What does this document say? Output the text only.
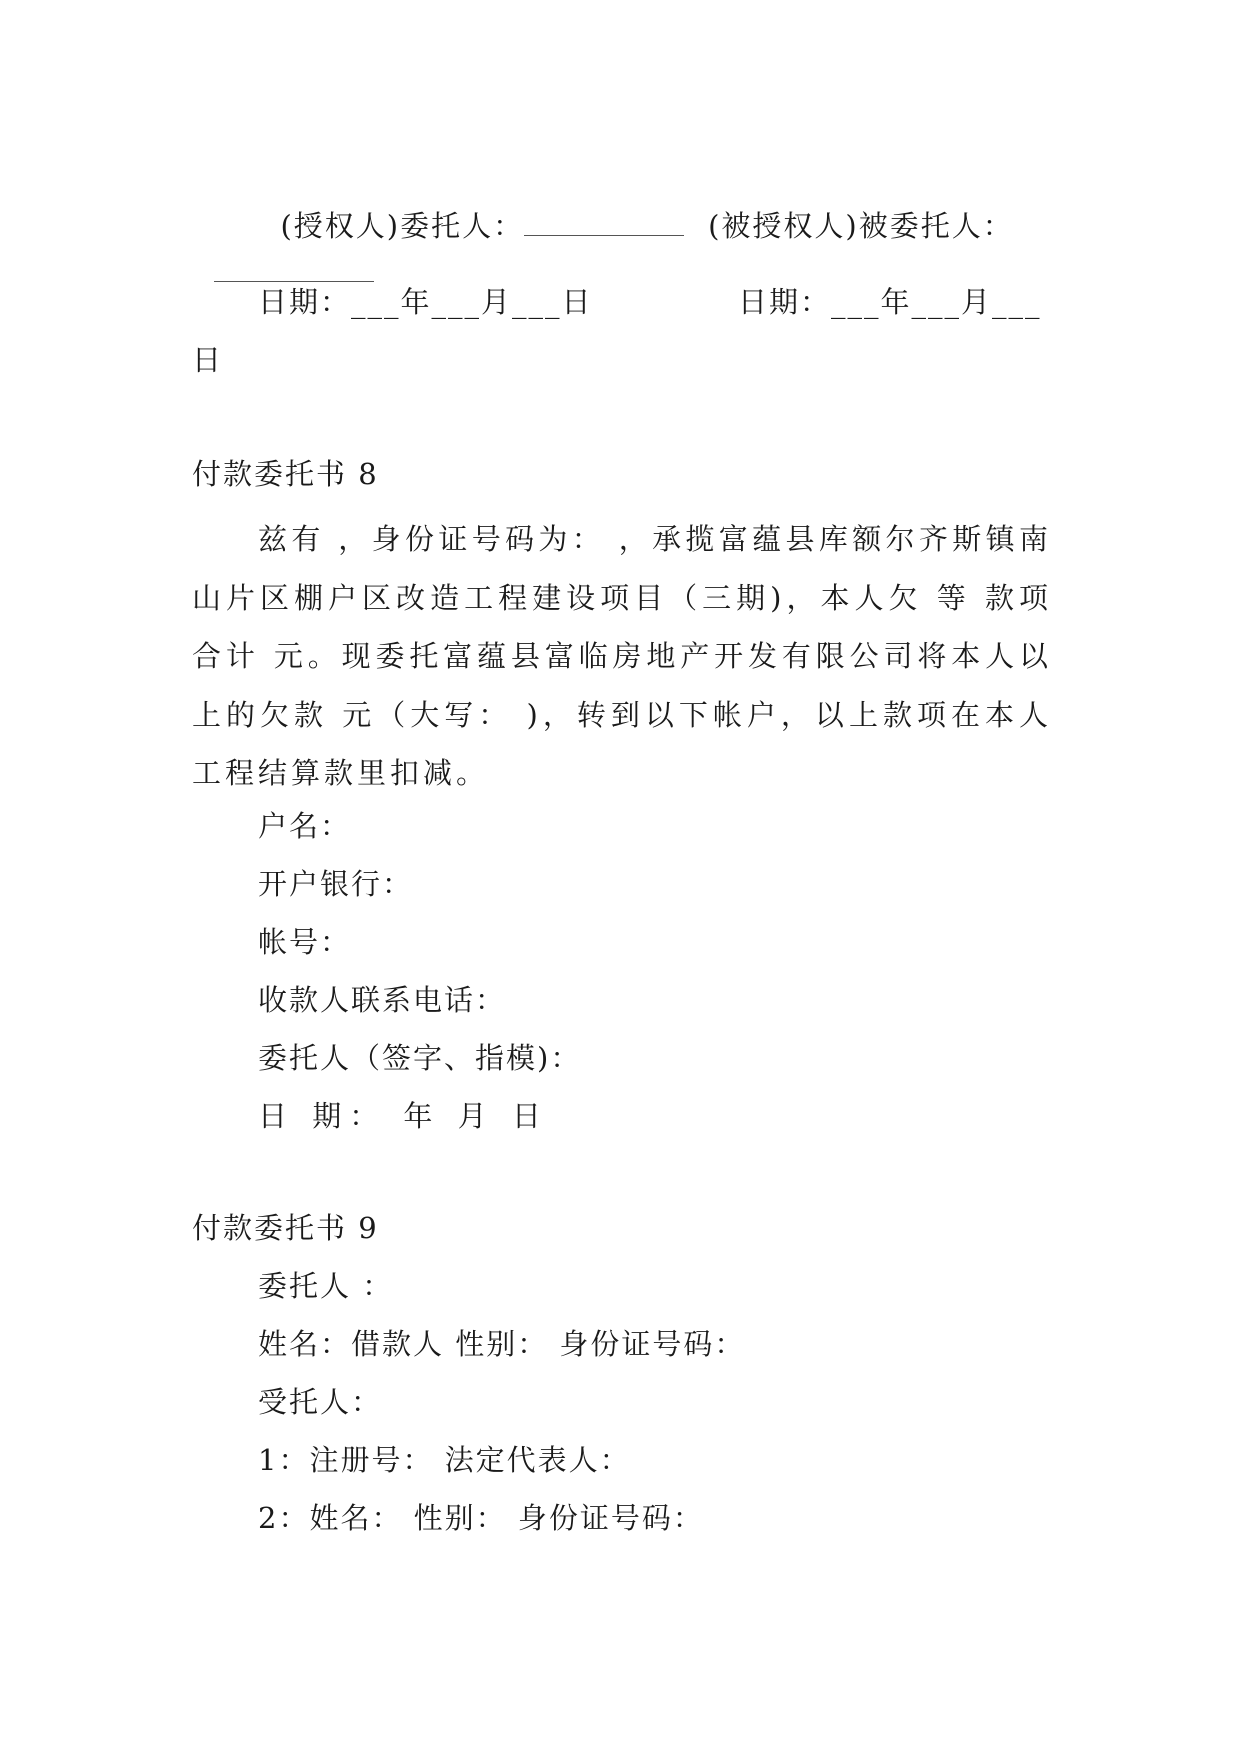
(授权人)委托人：	(被授权人)被委托人：

日期：___年___月___日	日期：___年___月___
日
付款委托书 8
兹有 ，身份证号码为： ，承揽富蕴县库额尔齐斯镇南山片区棚户区改造工程建设项目（三期)，本人欠 等 款项合计 元。现委托富蕴县富临房地产开发有限公司将本人以上的欠款 元（大写： )，转到以下帐户，以上款项在本人工程结算款里扣减。
户名：
开户银行：
帐号：
收款人联系电话：
委托人（签字、指模)：
日 期： 年 月 日
付款委托书 9
委托人 ：
姓名：借款人 性别： 身份证号码：
受托人：
1：注册号： 法定代表人：
2：姓名： 性别： 身份证号码：
